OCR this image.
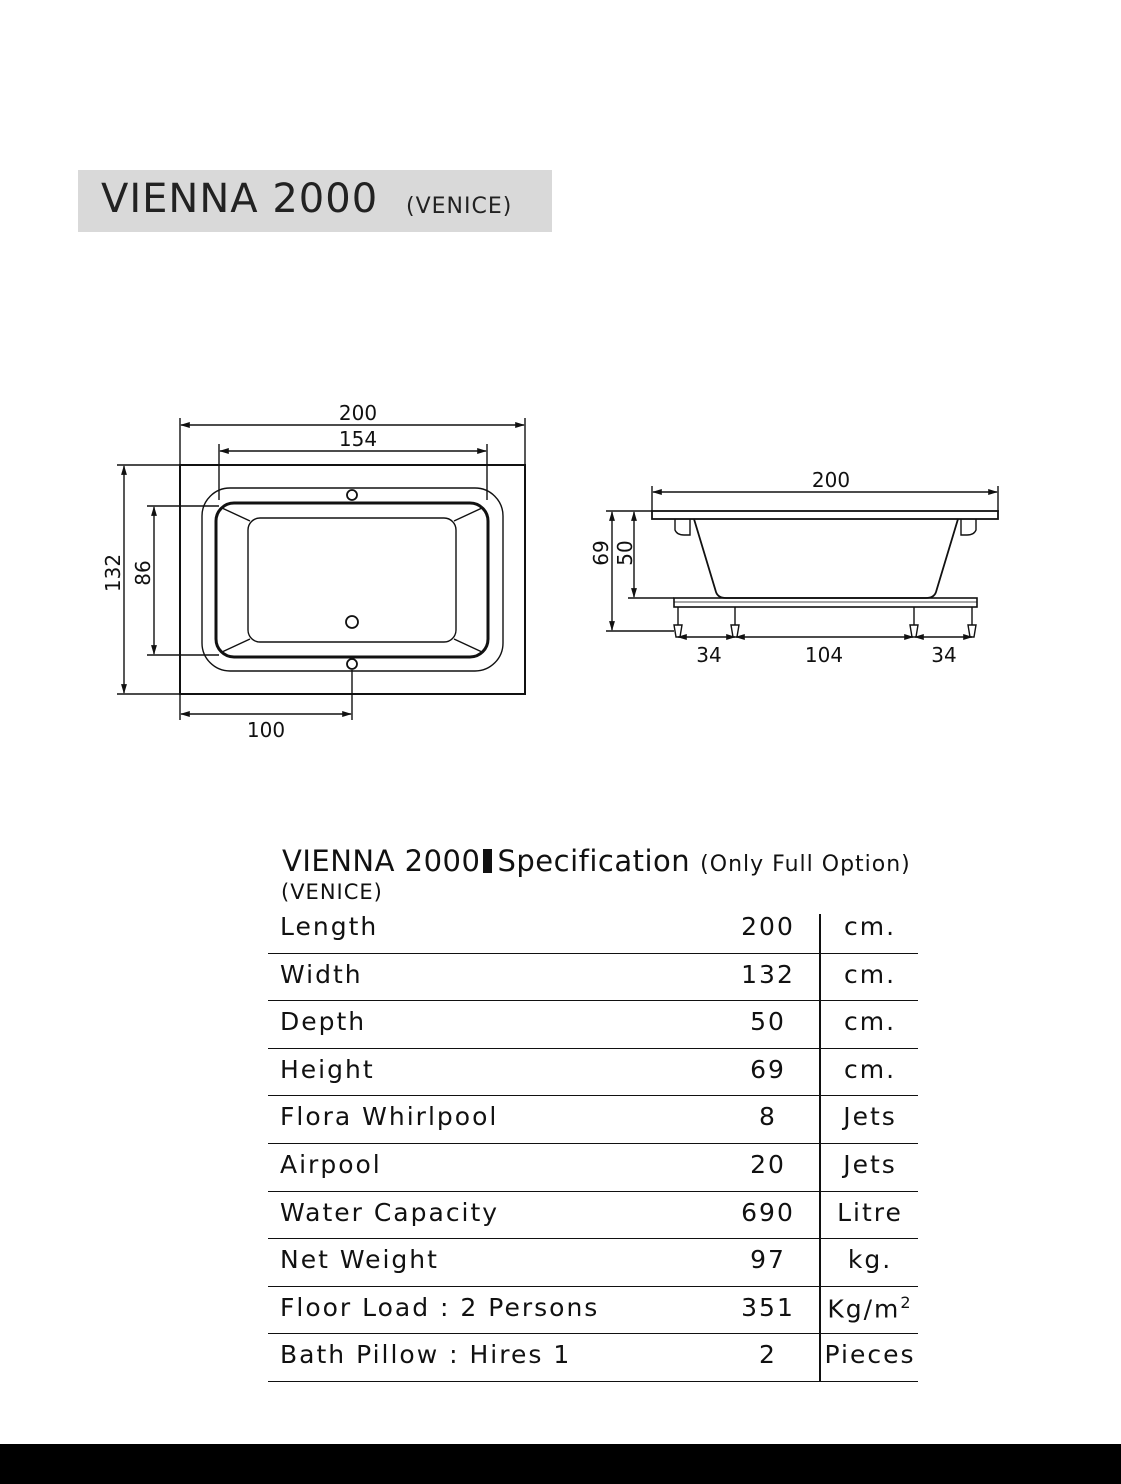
VIENNA 2000 (VENICE)
200
154
132 86
100
200
69 50
34	104	34
VIENNA 2000 Specification (Only Full Option)
(VENICE)
Length	200	cm.
Width	132	cm.
Depth	50	cm.
Height	69	cm.
Flora Whirlpool	8	Jets
Airpool	20	Jets
Water Capacity	690	Litre
Net Weight	97	kg.
Floor Load : 2 Persons	351	$Kg/m^2$
Bath Pillow : Hires 1	2	Pieces
